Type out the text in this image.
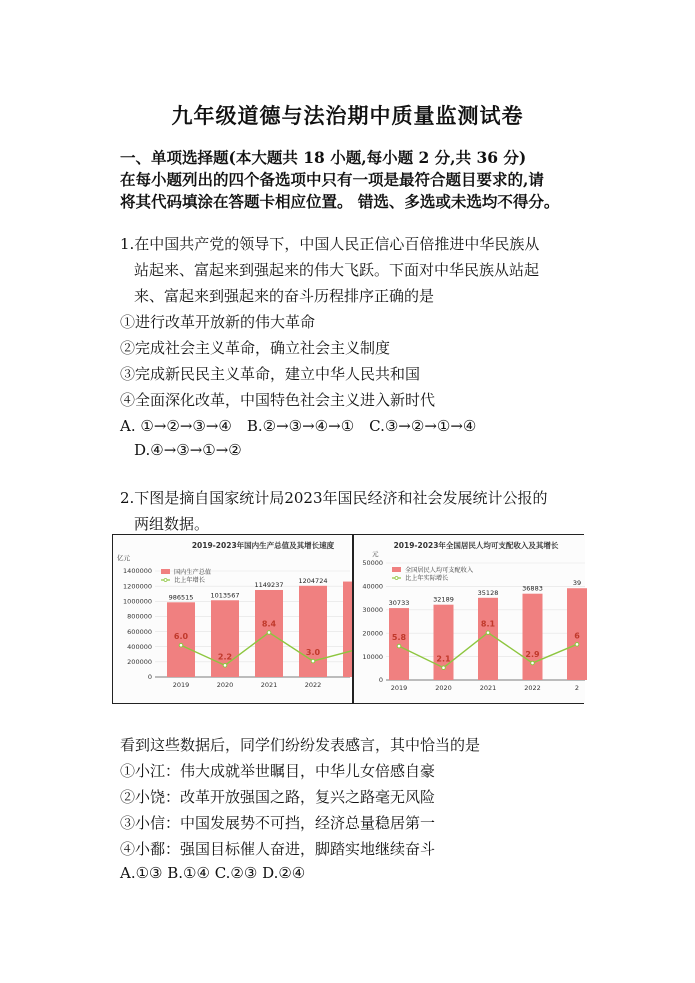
九年级道德与法治期中质量监测试卷
一、单项选择题(本大题共 18 小题,每小题 2 分,共 36 分)
在每小题列出的四个备选项中只有一项是最符合题目要求的,请
将其代码填涂在答题卡相应位置。 错选、多选或未选均不得分。
1.在中国共产党的领导下，中国人民正信心百倍推进中华民族从
站起来、富起来到强起来的伟大飞跃。下面对中华民族从站起
来、富起来到强起来的奋斗历程排序正确的是
①进行改革开放新的伟大革命
②完成社会主义革命，确立社会主义制度
③完成新民民主义革命，建立中华人民共和国
④全面深化改革，中国特色社会主义进入新时代
A. ①→②→③→④　B.②→③→④→①　C.③→②→①→④
D.④→③→①→②
2.下图是摘自国家统计局2023年国民经济和社会发展统计公报的
两组数据。
2019-2023年国内生产总值及其增长速度
亿元
1400000
1200000
1000000
800000
600000
400000
200000
0
986515	1013567
1149237
1204724
6.0
2.2
8.4
3.0
2019	2020	2021	2022
国内生产总值
比上年增长
2019-2023年全国居民人均可支配收入及其增长
元
50000
40000
30000
20000
10000
0
30733	32189
35128
36883
39
5.8
2.1
8.1
2.9
6
2019	2020	2021	2022	2
全国居民人均可支配收入
比上年实际增长
看到这些数据后，同学们纷纷发表感言，其中恰当的是
①小江：伟大成就举世瞩目，中华儿女倍感自豪
②小饶：改革开放强国之路，复兴之路毫无风险
③小信：中国发展势不可挡，经济总量稳居第一
④小鄱：强国目标催人奋进，脚踏实地继续奋斗
A.①③ B.①④ C.②③ D.②④
